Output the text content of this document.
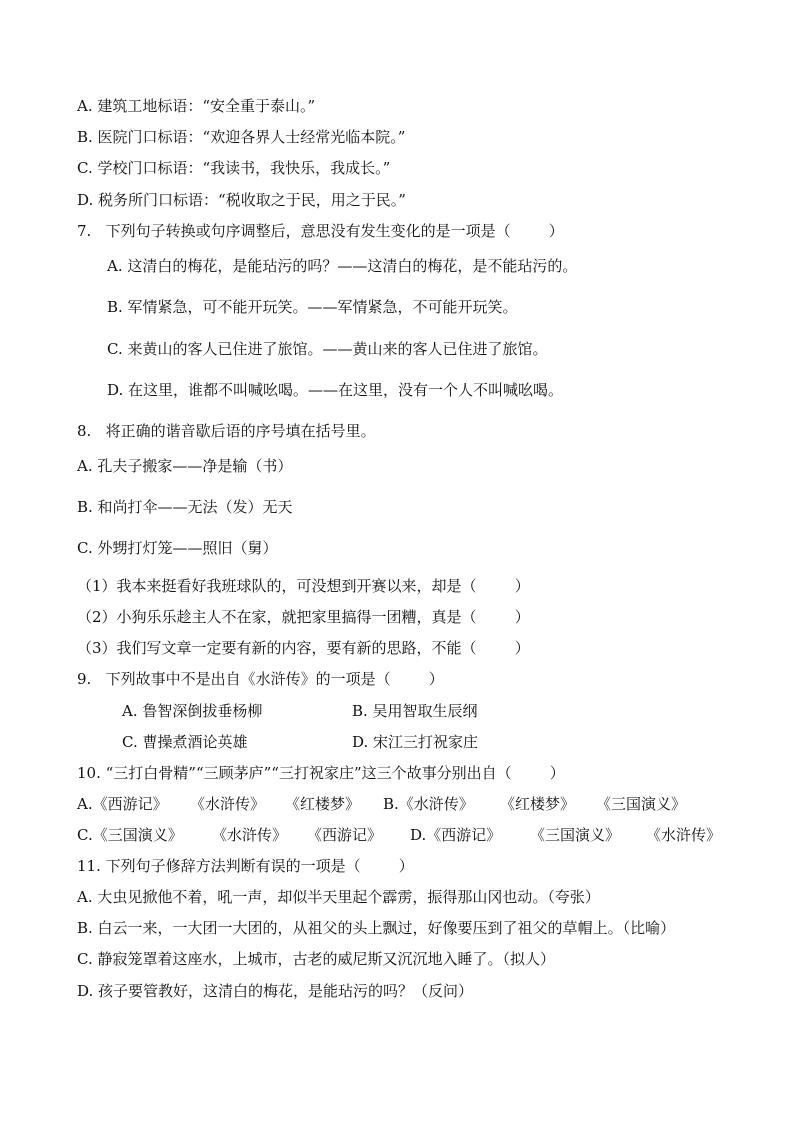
A. 建筑工地标语：“安全重于泰山。”
B. 医院门口标语：“欢迎各界人士经常光临本院。”
C. 学校门口标语：“我读书，我快乐，我成长。”
D. 税务所门口标语：“税收取之于民，用之于民。”
7.   下列句子转换或句序调整后，意思没有发生变化的是一项是（        ）
A. 这清白的梅花，是能玷污的吗？——这清白的梅花，是不能玷污的。
B. 军情紧急，可不能开玩笑。——军情紧急，不可能开玩笑。
C. 来黄山的客人已住进了旅馆。——黄山来的客人已住进了旅馆。
D. 在这里，谁都不叫喊吆喝。——在这里，没有一个人不叫喊吆喝。
8.   将正确的谐音歇后语的序号填在括号里。
A. 孔夫子搬家——净是输（书）
B. 和尚打伞——无法（发）无天
C. 外甥打灯笼——照旧（舅）
（1）我本来挺看好我班球队的，可没想到开赛以来，却是（        ）
（2）小狗乐乐趁主人不在家，就把家里搞得一团糟，真是（        ）
（3）我们写文章一定要有新的内容，要有新的思路，不能（        ）
9.   下列故事中不是出自《水浒传》的一项是（        ）
A. 鲁智深倒拔垂杨柳	B. 吴用智取生辰纲
C. 曹操煮酒论英雄	D. 宋江三打祝家庄
10. “三打白骨精”“三顾茅庐”“三打祝家庄”这三个故事分别出自（        ）

A.《西游记》

《水浒传》

《红楼梦》

B.《水浒传》

《红楼梦》

《三国演义》

C.《三国演义》

《水浒传》

《西游记》

D.《西游记》

《三国演义》

《水浒传》

11. 下列句子修辞方法判断有误的一项是（        ）
A. 大虫见掀他不着，吼一声，却似半天里起个霹雳，振得那山冈也动。（夸张）
B. 白云一来，一大团一大团的，从祖父的头上飘过，好像要压到了祖父的草帽上。（比喻）
C. 静寂笼罩着这座水，上城市，古老的威尼斯又沉沉地入睡了。（拟人）
D. 孩子要管教好，这清白的梅花，是能玷污的吗？（反问）
